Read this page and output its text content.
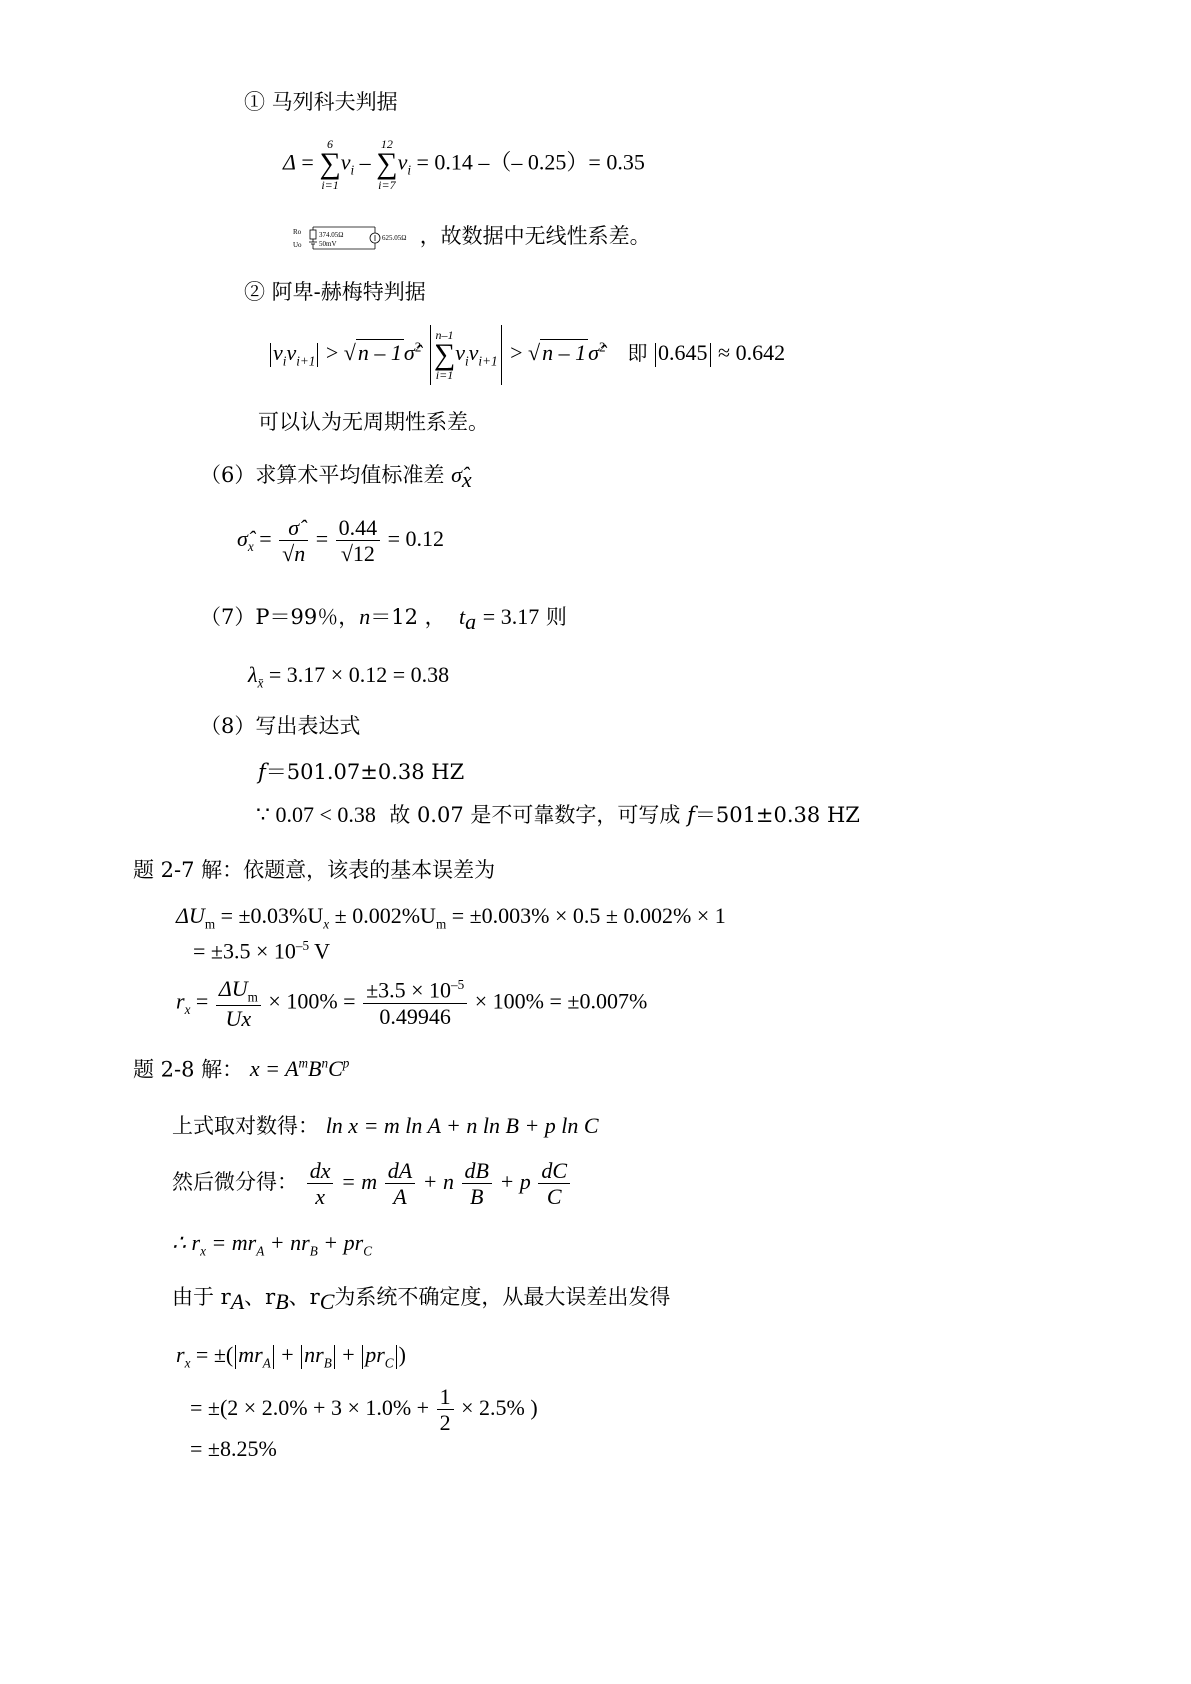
① 马列科夫判据
Δ =
6
∑
i=1
$v_i$ –
12
∑
i=7
$v_i = 0.14$ –（– 0.25）= 0.35
Ro
Uo
374.05Ω
50mV
625.05Ω ，故数据中无线性系差。
② 阿卑-赫梅特判据
$v_iv_{i+1} > √n$ – 1σ̂$^2$
n–1
∑
i=1
$v_iv_{i+1} > √n$ – 1σ̂$^2$ 即 0.645 ≈ 0.642
可以认为无周期性系差。
（6）求算术平均值标准差 $\sigmâ_x$
$\sigmâ_x = \frac{\sigmâ}{√n} = \frac{0.44}{√12} = 0.12$
（7）P＝99％，n＝12 ， $t_a = 3.17$ 则
$\lambda_{x̄} = 3.17 \times 0.12 = 0.38$
（8）写出表达式
f＝501.07±0.38 HZ
∵ 0.07 < 0.38 故 0.07 是不可靠数字，可写成 f＝501±0.38 HZ
题 2-7 解：依题意，该表的基本误差为
$\Delta U_m = \pm 0.03\%U_x \pm 0.002\%U_m = \pm 0.003\% \times 0.5 \pm 0.002\% \times 1$
= $\pm 3.5 \times 10^{-5}$ V
$r_x = \frac{\Delta U_m}{Ux} \times 100\% = \frac{\pm 3.5 \times 10^{-5}}{0.49946} \times 100\% = \pm 0.007\%$
题 2-8 解： $x = A^mB^nC^p$
上式取对数得： ln x = m ln A + n ln B + p ln C
然后微分得： $\frac{dx}{x} = m \frac{dA}{A} + n \frac{dB}{B} + p \frac{dC}{C}$
∴ $r_x = mr_A + nr_B + pr_C$
由于 $r_A$、$r_B$、$r_C$为系统不确定度，从最大误差出发得
$r_x$ = ±( $mr_A + nr_B + pr_C$ )
= $\pm(2 \times 2.0\% + 3 \times 1.0\% + \frac{1}{2} \times 2.5\%$ )
= ±8.25%
